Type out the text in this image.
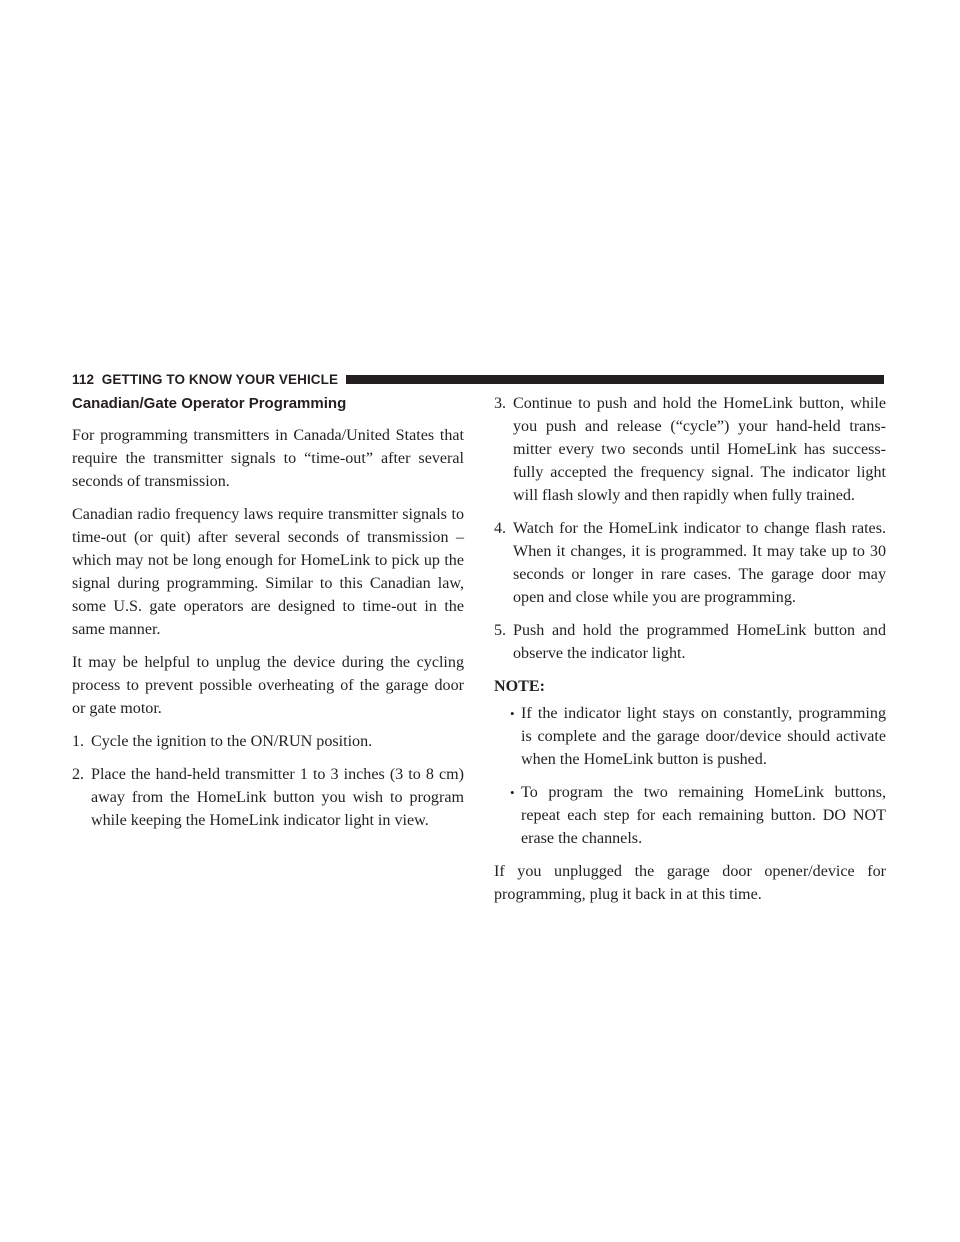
112 GETTING TO KNOW YOUR VEHICLE
Canadian/Gate Operator Programming

For programming transmitters in Canada/United States that require the transmitter signals to “time-out” after several seconds of transmission.

Canadian radio frequency laws require transmitter signals to time-out (or quit) after several seconds of transmission – which may not be long enough for HomeLink to pick up the signal during programming. Similar to this Canadian law, some U.S. gate operators are designed to time-out in the same manner.

It may be helpful to unplug the device during the cycling process to prevent possible overheating of the garage door or gate motor.

1. Cycle the ignition to the ON/RUN position.
2. Place the hand-held transmitter 1 to 3 inches (3 to 8 cm) away from the HomeLink button you wish to program while keeping the HomeLink indicator light in view.
3. Continue to push and hold the HomeLink button, while you push and release (“cycle”) your hand-held transmitter every two seconds until HomeLink has successfully accepted the frequency signal. The indicator light will flash slowly and then rapidly when fully trained.
4. Watch for the HomeLink indicator to change flash rates. When it changes, it is programmed. It may take up to 30 seconds or longer in rare cases. The garage door may open and close while you are programming.
5. Push and hold the programmed HomeLink button and observe the indicator light.
NOTE:
• If the indicator light stays on constantly, programming is complete and the garage door/device should activate when the HomeLink button is pushed.
• To program the two remaining HomeLink buttons, repeat each step for each remaining button. DO NOT erase the channels.

If you unplugged the garage door opener/device for programming, plug it back in at this time.
